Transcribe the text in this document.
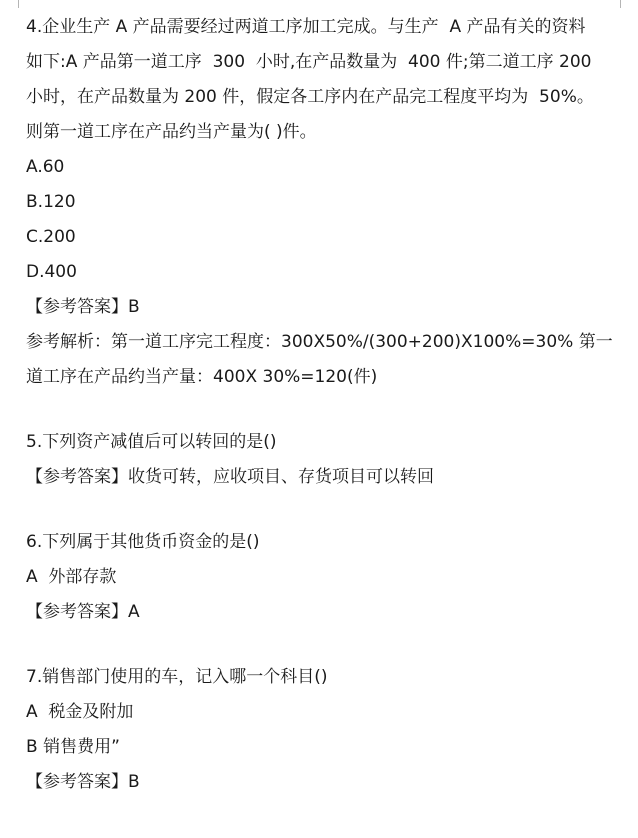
4.企业生产 A 产品需要经过两道工序加工完成。与生产  A 产品有关的资料
如下:A 产品第一道工序  300  小时,在产品数量为  400 件;第二道工序 200
小时，在产品数量为 200 件，假定各工序内在产品完工程度平均为  50%。
则第一道工序在产品约当产量为( )件。
A.60
B.120
C.200
D.400
【参考答案】B
参考解析：第一道工序完工程度：300X50%/(300+200)X100%=30% 第一
道工序在产品约当产量：400X 30%=120(件)
5.下列资产减值后可以转回的是()
【参考答案】收货可转，应收项目、存货项目可以转回
6.下列属于其他货币资金的是()
A  外部存款
【参考答案】A
7.销售部门使用的车，记入哪一个科目()
A  税金及附加
B 销售费用”
【参考答案】B
